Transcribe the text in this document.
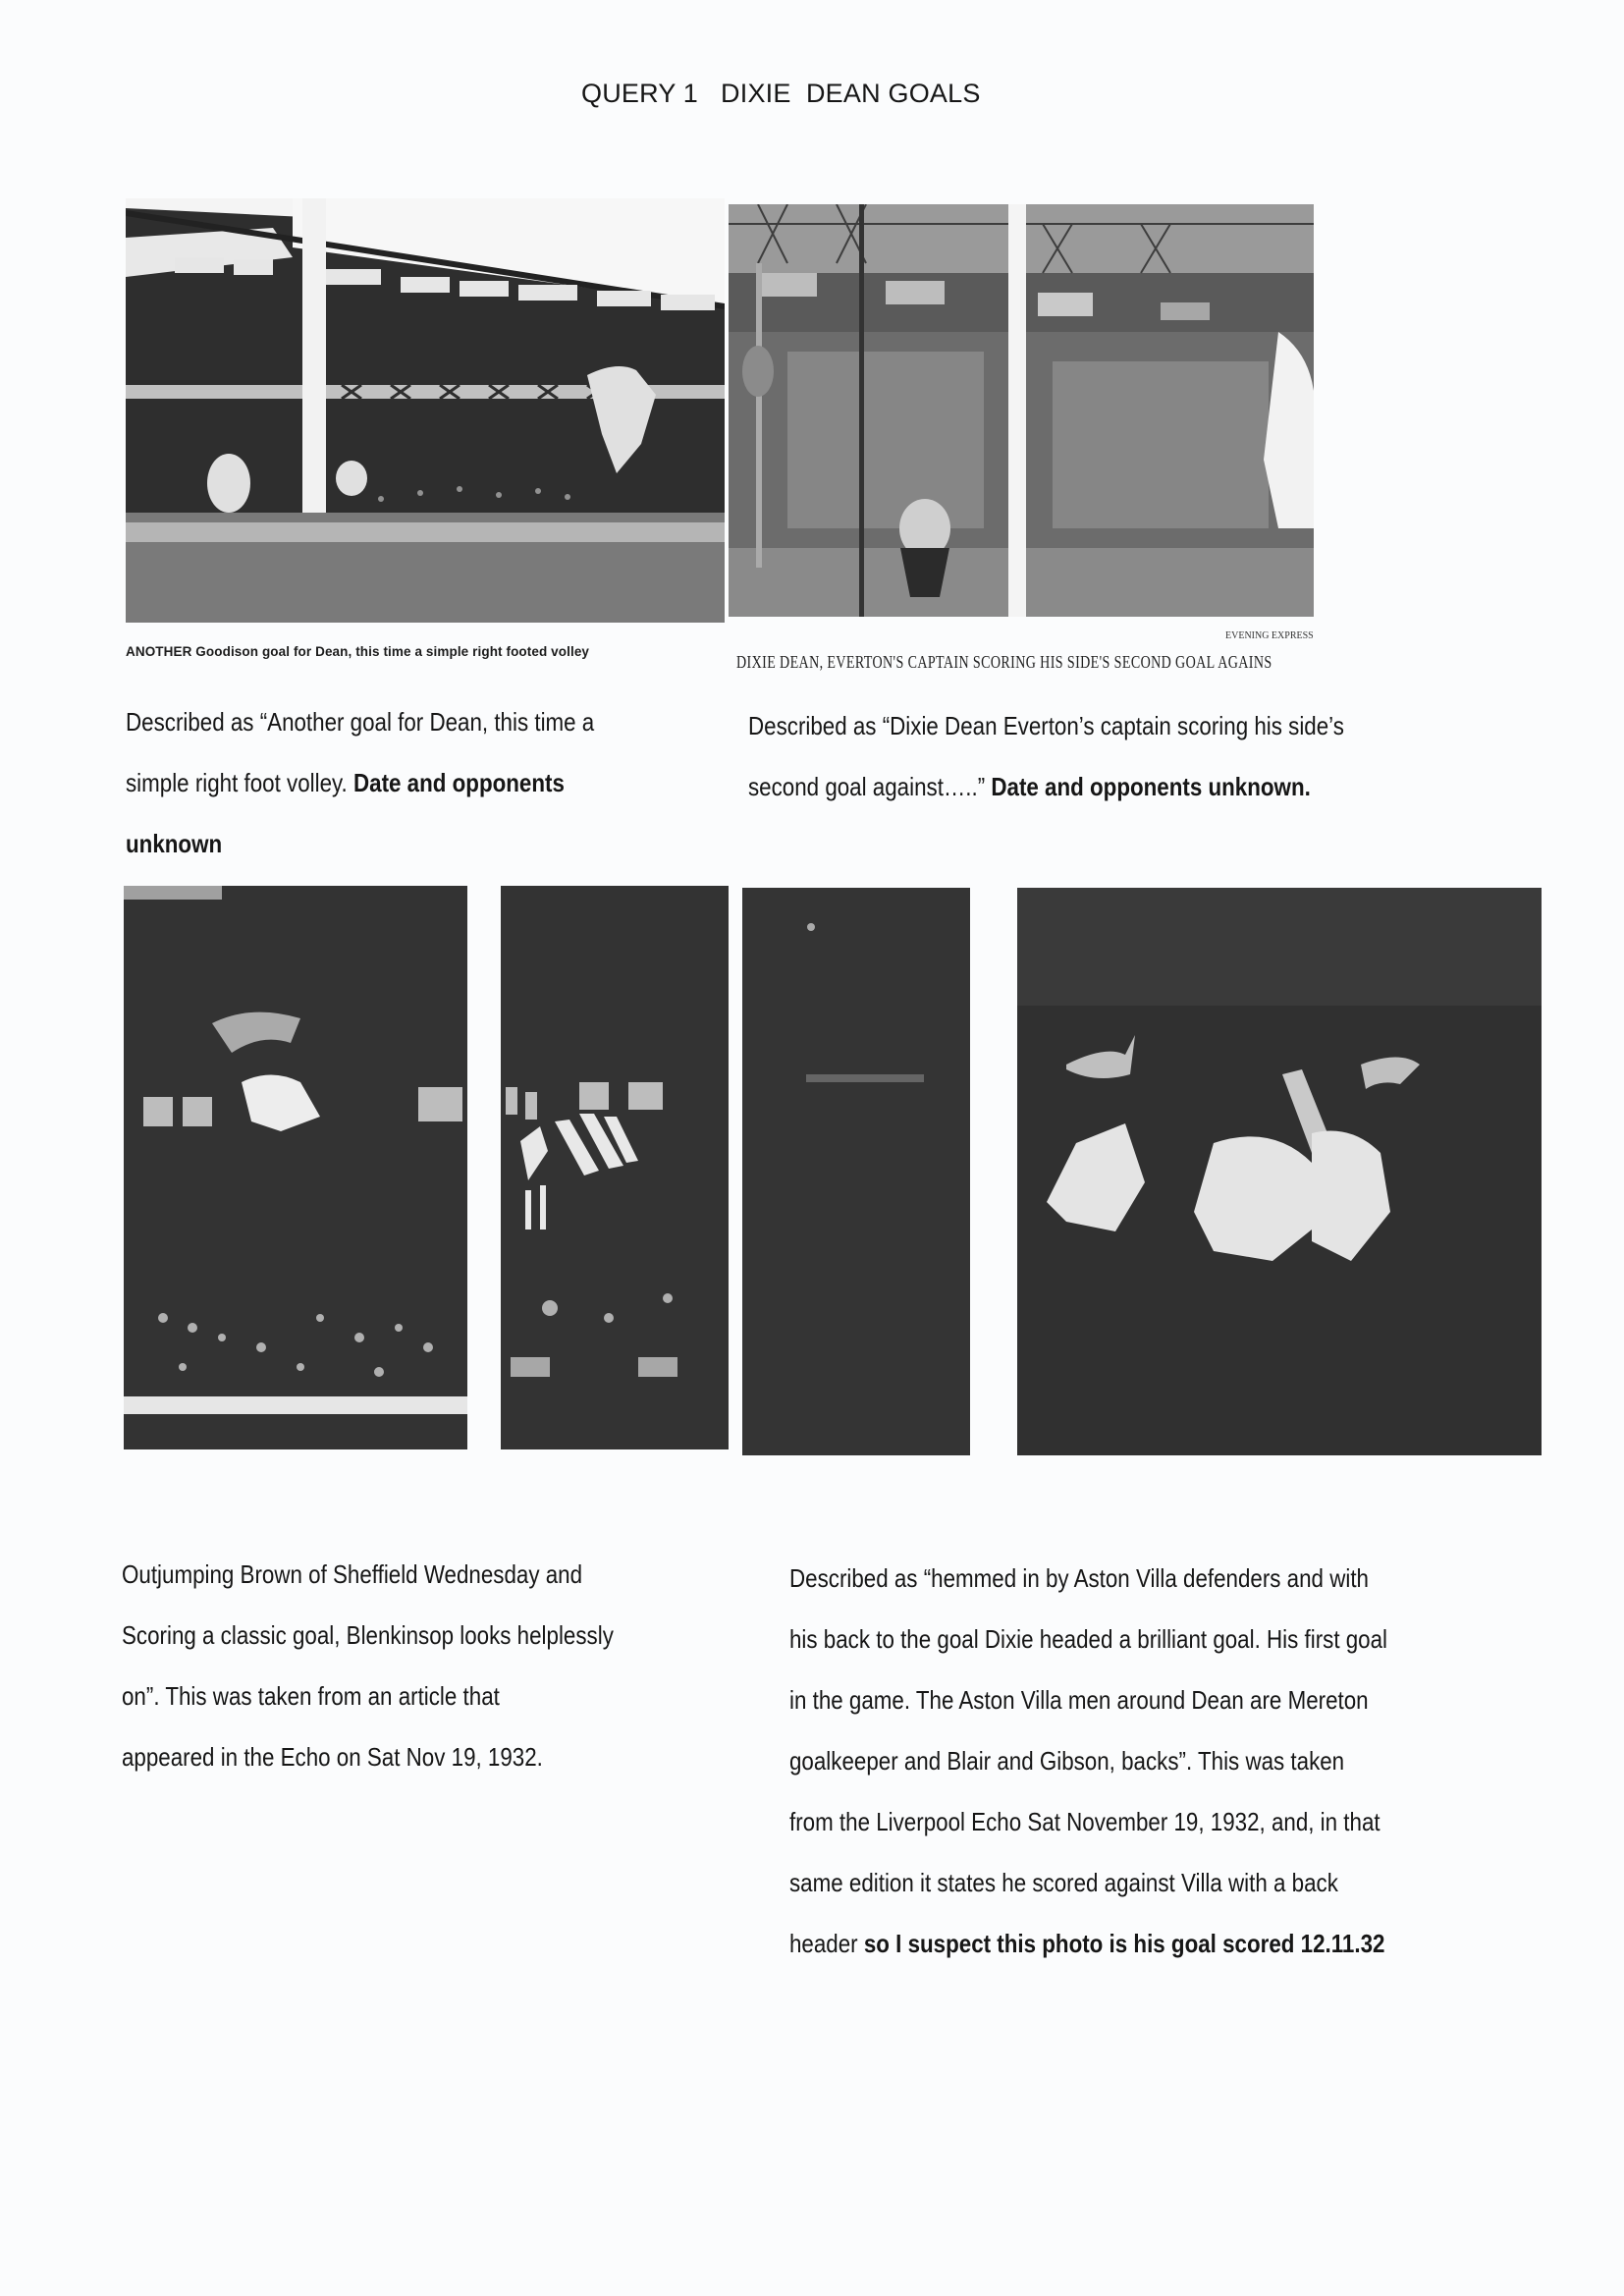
QUERY 1   DIXIE  DEAN GOALS
ANOTHER Goodison goal for Dean, this time a simple right footed volley
EVENING EXPRESS
DIXIE DEAN, EVERTON'S CAPTAIN SCORING HIS SIDE'S SECOND GOAL AGAINS
Described as “Another goal for Dean, this time a
simple right foot volley. Date and opponents
unknown
Described as “Dixie Dean Everton’s captain scoring his side’s
second goal against…..” Date and opponents unknown.
Outjumping Brown of Sheffield Wednesday and
Scoring a classic goal, Blenkinsop looks helplessly
on”. This was taken from an article that
appeared in the Echo on Sat Nov 19, 1932.
Described as “hemmed in by Aston Villa defenders and with
his back to the goal Dixie headed a brilliant goal. His first goal
in the game. The Aston Villa men around Dean are Mereton
goalkeeper and Blair and Gibson, backs”. This was taken
from the Liverpool Echo Sat November 19, 1932, and, in that
same edition it states he scored against Villa with a back
header so I suspect this photo is his goal scored 12.11.32
